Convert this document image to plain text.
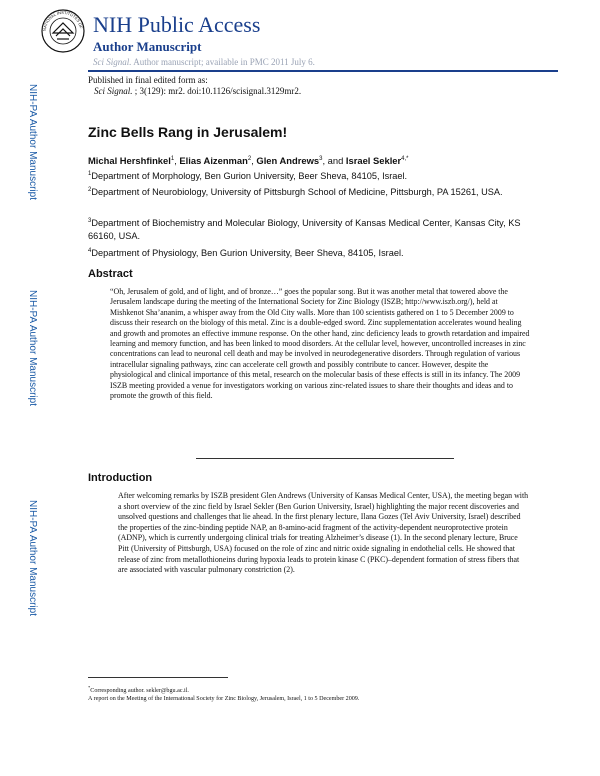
NIH-PA Author Manuscript
NIH-PA Author Manuscript
NIH-PA Author Manuscript
NATIONAL INSTITUTES OF NIH Public Access
Author Manuscript
Sci Signal. Author manuscript; available in PMC 2011 July 6.
Published in final edited form as:
Sci Signal. ; 3(129): mr2. doi:10.1126/scisignal.3129mr2.
Zinc Bells Rang in Jerusalem!
Michal Hershfinkel$^1$, Elias Aizenman$^2$, Glen Andrews$^3$, and Israel Sekler$^{4,*}$
$^1$Department of Morphology, Ben Gurion University, Beer Sheva, 84105, Israel.
$^2$Department of Neurobiology, University of Pittsburgh School of Medicine, Pittsburgh, PA 15261, USA.
$^3$Department of Biochemistry and Molecular Biology, University of Kansas Medical Center, Kansas City, KS 66160, USA.
$^4$Department of Physiology, Ben Gurion University, Beer Sheva, 84105, Israel.
Abstract
“Oh, Jerusalem of gold, and of light, and of bronze…” goes the popular song. But it was another metal that towered above the Jerusalem landscape during the meeting of the International Society for Zinc Biology (ISZB; http://www.iszb.org/), held at Mishkenot Sha’ananim, a whisper away from the Old City walls. More than 100 scientists gathered on 1 to 5 December 2009 to discuss their research on the biology of this metal. Zinc is a double-edged sword. Zinc supplementation accelerates wound healing and growth and promotes an effective immune response. On the other hand, zinc deficiency leads to growth retardation and impaired learning and memory function, and has been linked to mood disorders. At the cellular level, however, uncontrolled increases in zinc concentrations can lead to neuronal cell death and may be involved in neurodegenerative disorders. Through regulation of various intracellular signaling pathways, zinc can accelerate cell growth and possibly contribute to cancer. However, despite the physiological and clinical importance of this metal, research on the molecular basis of these effects is still in its infancy. The 2009 ISZB meeting provided a venue for investigators working on various zinc-related issues to share their thoughts and ideas and to promote the growth of this field.
Introduction
After welcoming remarks by ISZB president Glen Andrews (University of Kansas Medical Center, USA), the meeting began with a short overview of the zinc field by Israel Sekler (Ben Gurion University, Israel) highlighting the major recent discoveries and unsolved questions and challenges that lie ahead. In the first plenary lecture, Ilana Gozes (Tel Aviv University, Israel) described the properties of the zinc-binding peptide NAP, an 8-amino-acid fragment of the activity-dependent neuroprotective protein (ADNP), which is currently undergoing clinical trials for treating Alzheimer’s disease (1). In the second plenary lecture, Bruce Pitt (University of Pittsburgh, USA) focused on the role of zinc and nitric oxide signaling in endothelial cells. He showed that release of zinc from metallothioneins during hypoxia leads to protein kinase C (PKC)–dependent formation of stress fibers that are associated with vascular pulmonary constriction (2).
*Corresponding author. sekler@bgu.ac.il.
A report on the Meeting of the International Society for Zinc Biology, Jerusalem, Israel, 1 to 5 December 2009.
